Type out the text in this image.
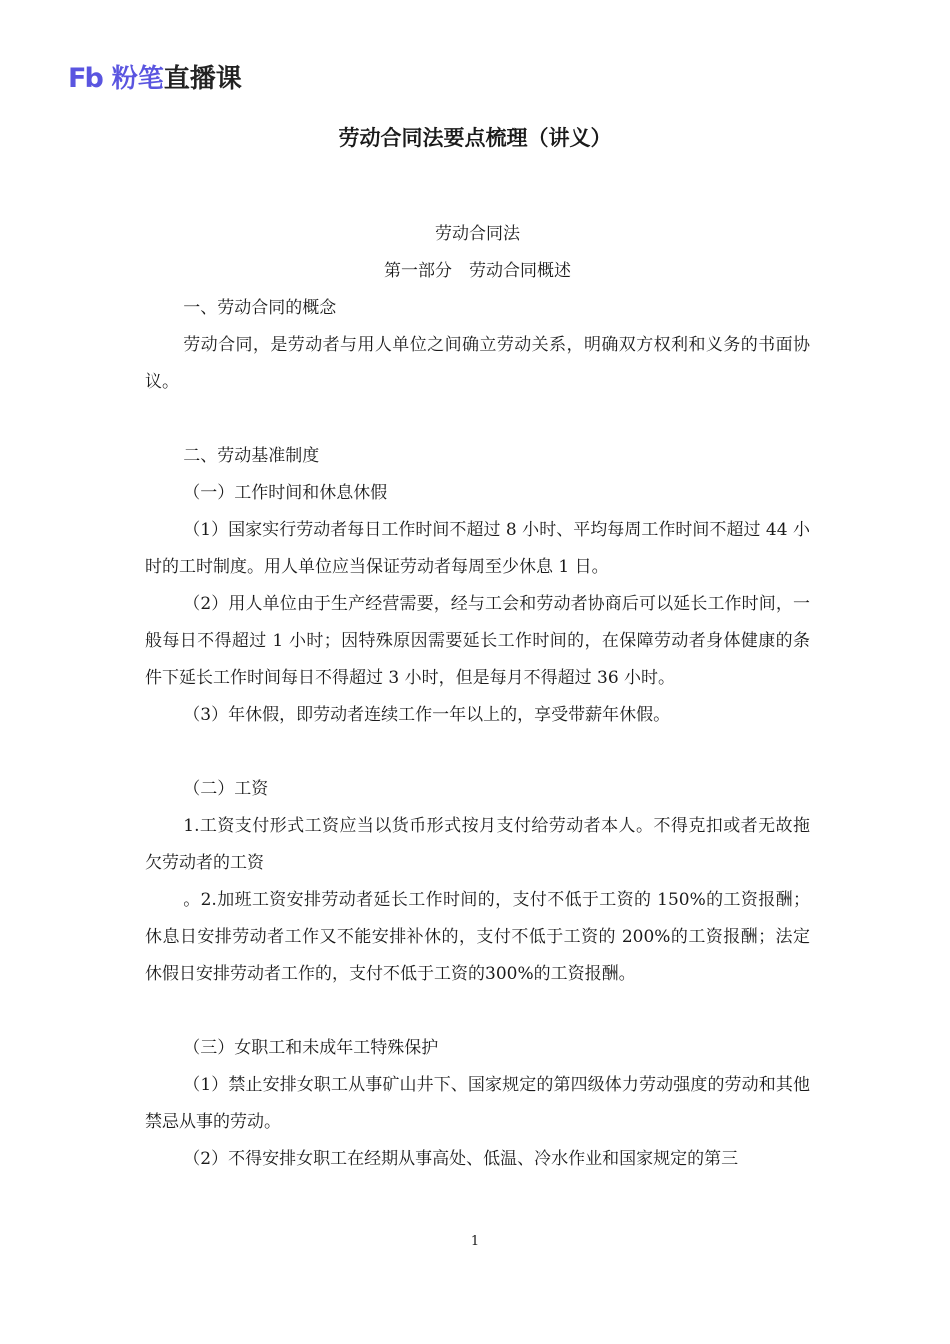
Fb 粉笔直播课
劳动合同法要点梳理（讲义）

劳动合同法

第一部分　劳动合同概述

一、劳动合同的概念

劳动合同，是劳动者与用人单位之间确立劳动关系，明确双方权利和义务的书面协议。

二、劳动基准制度

（一）工作时间和休息休假

（1）国家实行劳动者每日工作时间不超过 8 小时、平均每周工作时间不超过 44 小时的工时制度。用人单位应当保证劳动者每周至少休息 1 日。

（2）用人单位由于生产经营需要，经与工会和劳动者协商后可以延长工作时间，一般每日不得超过 1 小时；因特殊原因需要延长工作时间的，在保障劳动者身体健康的条件下延长工作时间每日不得超过 3 小时，但是每月不得超过 36 小时。

（3）年休假，即劳动者连续工作一年以上的，享受带薪年休假。

（二）工资

1.工资支付形式工资应当以货币形式按月支付给劳动者本人。不得克扣或者无故拖欠劳动者的工资

。2.加班工资安排劳动者延长工作时间的，支付不低于工资的 150%的工资报酬；休息日安排劳动者工作又不能安排补休的，支付不低于工资的 200%的工资报酬；法定休假日安排劳动者工作的，支付不低于工资的300%的工资报酬。

（三）女职工和未成年工特殊保护

（1）禁止安排女职工从事矿山井下、国家规定的第四级体力劳动强度的劳动和其他禁忌从事的劳动。

（2）不得安排女职工在经期从事高处、低温、冷水作业和国家规定的第三

1
